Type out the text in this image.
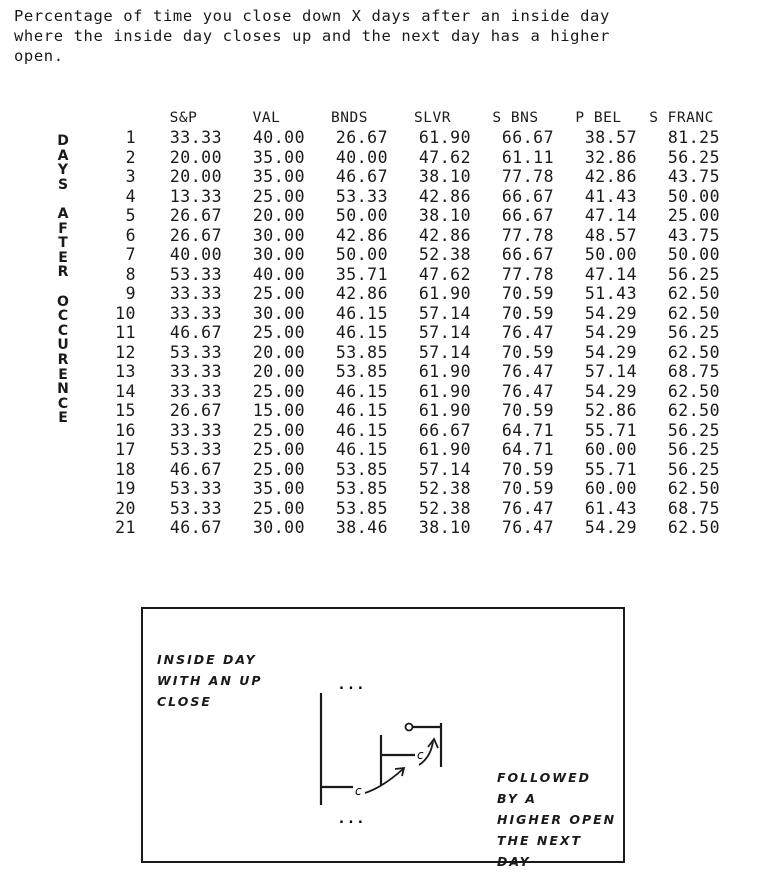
Percentage of time you close down X days after an inside day
where the inside day closes up and the next day has a higher
open.
D
A
Y
S
A
F
T
E
R
O
C
C
U
R
E
N
C
E
	S&P	VAL	BNDS	SLVR	S BNS	P BEL	S FRANC
1	33.33	40.00	26.67	61.90	66.67	38.57	81.25
2	20.00	35.00	40.00	47.62	61.11	32.86	56.25
3	20.00	35.00	46.67	38.10	77.78	42.86	43.75
4	13.33	25.00	53.33	42.86	66.67	41.43	50.00
5	26.67	20.00	50.00	38.10	66.67	47.14	25.00
6	26.67	30.00	42.86	42.86	77.78	48.57	43.75
7	40.00	30.00	50.00	52.38	66.67	50.00	50.00
8	53.33	40.00	35.71	47.62	77.78	47.14	56.25
9	33.33	25.00	42.86	61.90	70.59	51.43	62.50
10	33.33	30.00	46.15	57.14	70.59	54.29	62.50
11	46.67	25.00	46.15	57.14	76.47	54.29	56.25
12	53.33	20.00	53.85	57.14	70.59	54.29	62.50
13	33.33	20.00	53.85	61.90	76.47	57.14	68.75
14	33.33	25.00	46.15	61.90	76.47	54.29	62.50
15	26.67	15.00	46.15	61.90	70.59	52.86	62.50
16	33.33	25.00	46.15	66.67	64.71	55.71	56.25
17	53.33	25.00	46.15	61.90	64.71	60.00	56.25
18	46.67	25.00	53.85	57.14	70.59	55.71	56.25
19	53.33	35.00	53.85	52.38	70.59	60.00	62.50
20	53.33	25.00	53.85	52.38	76.47	61.43	68.75
21	46.67	30.00	38.46	38.10	76.47	54.29	62.50
c
c
. . .
. . .
INSIDE DAY
WITH AN UP
CLOSE
FOLLOWED
BY A
HIGHER OPEN
THE NEXT
DAY
